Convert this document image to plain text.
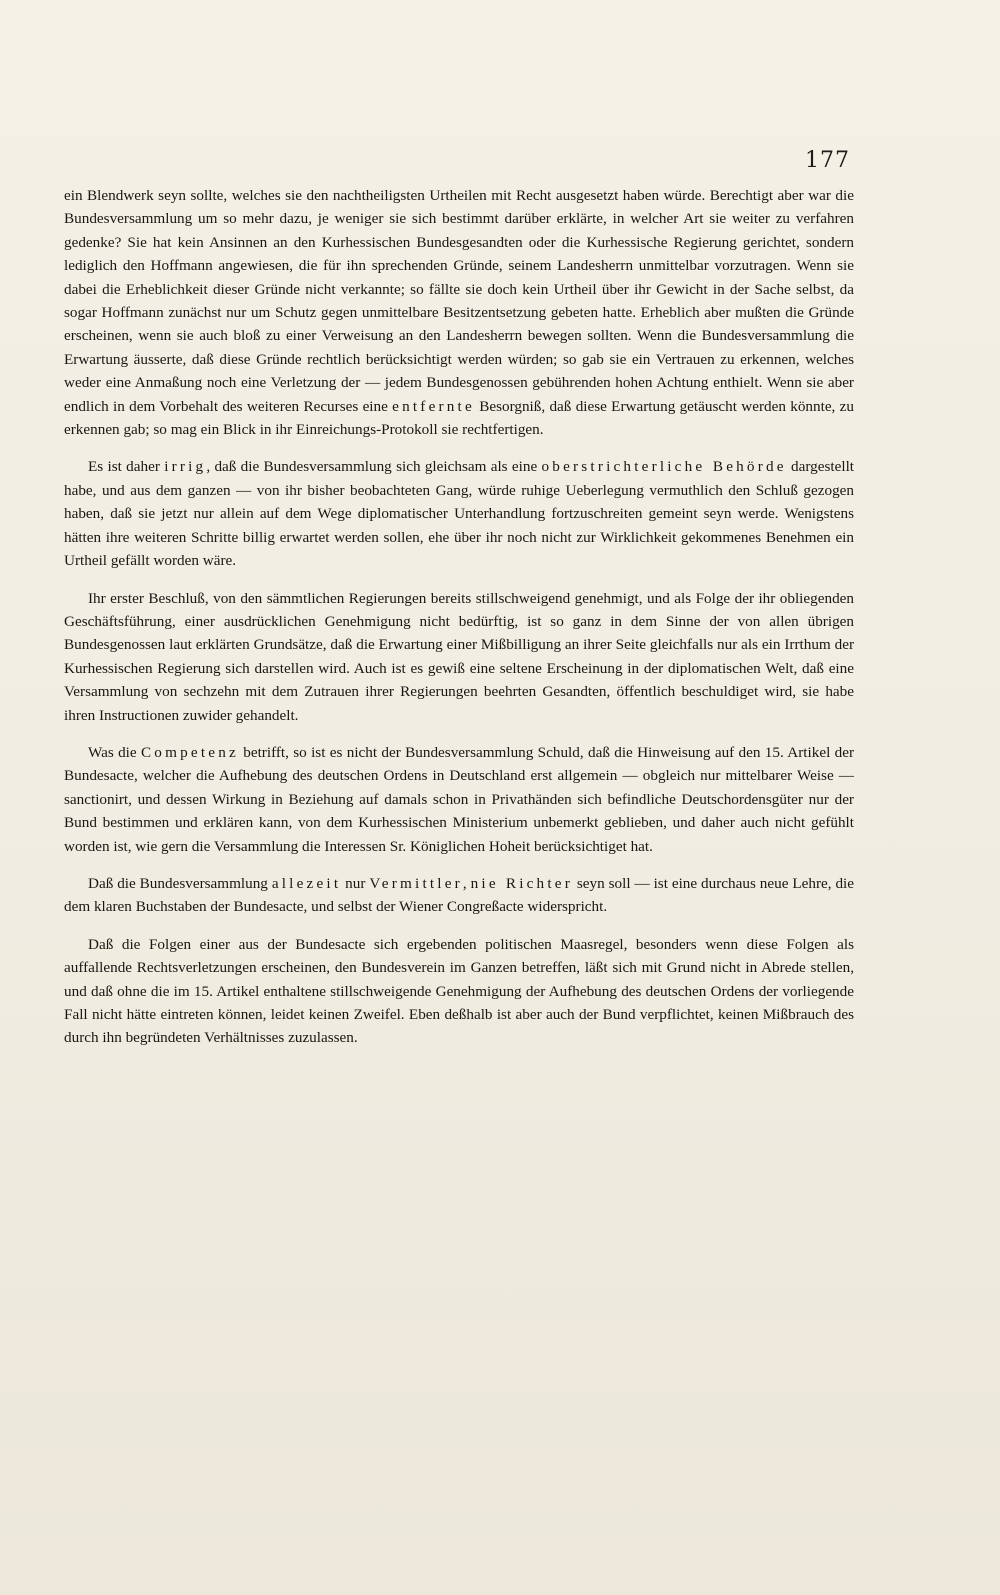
177

ein Blendwerk seyn sollte, welches sie den nachtheiligsten Urtheilen mit Recht ausgesetzt haben würde. Berechtigt aber war die Bundesversammlung um so mehr dazu, je weniger sie sich bestimmt darüber erklärte, in welcher Art sie weiter zu verfahren gedenke? Sie hat kein Ansinnen an den Kurhessischen Bundesgesandten oder die Kurhessische Regierung gerichtet, sondern lediglich den Hoffmann angewiesen, die für ihn sprechenden Gründe, seinem Landesherrn unmittelbar vorzutragen. Wenn sie dabei die Erheblichkeit dieser Gründe nicht verkannte; so fällte sie doch kein Urtheil über ihr Gewicht in der Sache selbst, da sogar Hoffmann zunächst nur um Schutz gegen unmittelbare Besitzentsetzung gebeten hatte. Erheblich aber mußten die Gründe erscheinen, wenn sie auch bloß zu einer Verweisung an den Landesherrn bewegen sollten. Wenn die Bundesversammlung die Erwartung äusserte, daß diese Gründe rechtlich berücksichtigt werden würden; so gab sie ein Vertrauen zu erkennen, welches weder eine Anmaßung noch eine Verletzung der — jedem Bundesgenossen gebührenden hohen Achtung enthielt. Wenn sie aber endlich in dem Vorbehalt des weiteren Recurses eine entfernte Besorgniß, daß diese Erwartung getäuscht werden könnte, zu erkennen gab; so mag ein Blick in ihr Einreichungs-Protokoll sie rechtfertigen.

Es ist daher irrig, daß die Bundesversammlung sich gleichsam als eine oberstrichterliche Behörde dargestellt habe, und aus dem ganzen — von ihr bisher beobachteten Gang, würde ruhige Ueberlegung vermuthlich den Schluß gezogen haben, daß sie jetzt nur allein auf dem Wege diplomatischer Unterhandlung fortzuschreiten gemeint seyn werde. Wenigstens hätten ihre weiteren Schritte billig erwartet werden sollen, ehe über ihr noch nicht zur Wirklichkeit gekommenes Benehmen ein Urtheil gefällt worden wäre.

Ihr erster Beschluß, von den sämmtlichen Regierungen bereits stillschweigend genehmigt, und als Folge der ihr obliegenden Geschäftsführung, einer ausdrücklichen Genehmigung nicht bedürftig, ist so ganz in dem Sinne der von allen übrigen Bundesgenossen laut erklärten Grundsätze, daß die Erwartung einer Mißbilligung an ihrer Seite gleichfalls nur als ein Irrthum der Kurhessischen Regierung sich darstellen wird. Auch ist es gewiß eine seltene Erscheinung in der diplomatischen Welt, daß eine Versammlung von sechzehn mit dem Zutrauen ihrer Regierungen beehrten Gesandten, öffentlich beschuldiget wird, sie habe ihren Instructionen zuwider gehandelt.

Was die Competenz betrifft, so ist es nicht der Bundesversammlung Schuld, daß die Hinweisung auf den 15. Artikel der Bundesacte, welcher die Aufhebung des deutschen Ordens in Deutschland erst allgemein — obgleich nur mittelbarer Weise — sanctionirt, und dessen Wirkung in Beziehung auf damals schon in Privathänden sich befindliche Deutschordensgüter nur der Bund bestimmen und erklären kann, von dem Kurhessischen Ministerium unbemerkt geblieben, und daher auch nicht gefühlt worden ist, wie gern die Versammlung die Interessen Sr. Königlichen Hoheit berücksichtiget hat.

Daß die Bundesversammlung allezeit nur Vermittler, nie Richter seyn soll — ist eine durchaus neue Lehre, die dem klaren Buchstaben der Bundesacte, und selbst der Wiener Congreßacte widerspricht.

Daß die Folgen einer aus der Bundesacte sich ergebenden politischen Maasregel, besonders wenn diese Folgen als auffallende Rechtsverletzungen erscheinen, den Bundesverein im Ganzen betreffen, läßt sich mit Grund nicht in Abrede stellen, und daß ohne die im 15. Artikel enthaltene stillschweigende Genehmigung der Aufhebung des deutschen Ordens der vorliegende Fall nicht hätte eintreten können, leidet keinen Zweifel. Eben deßhalb ist aber auch der Bund verpflichtet, keinen Mißbrauch des durch ihn begründeten Verhältnisses zuzulassen.
